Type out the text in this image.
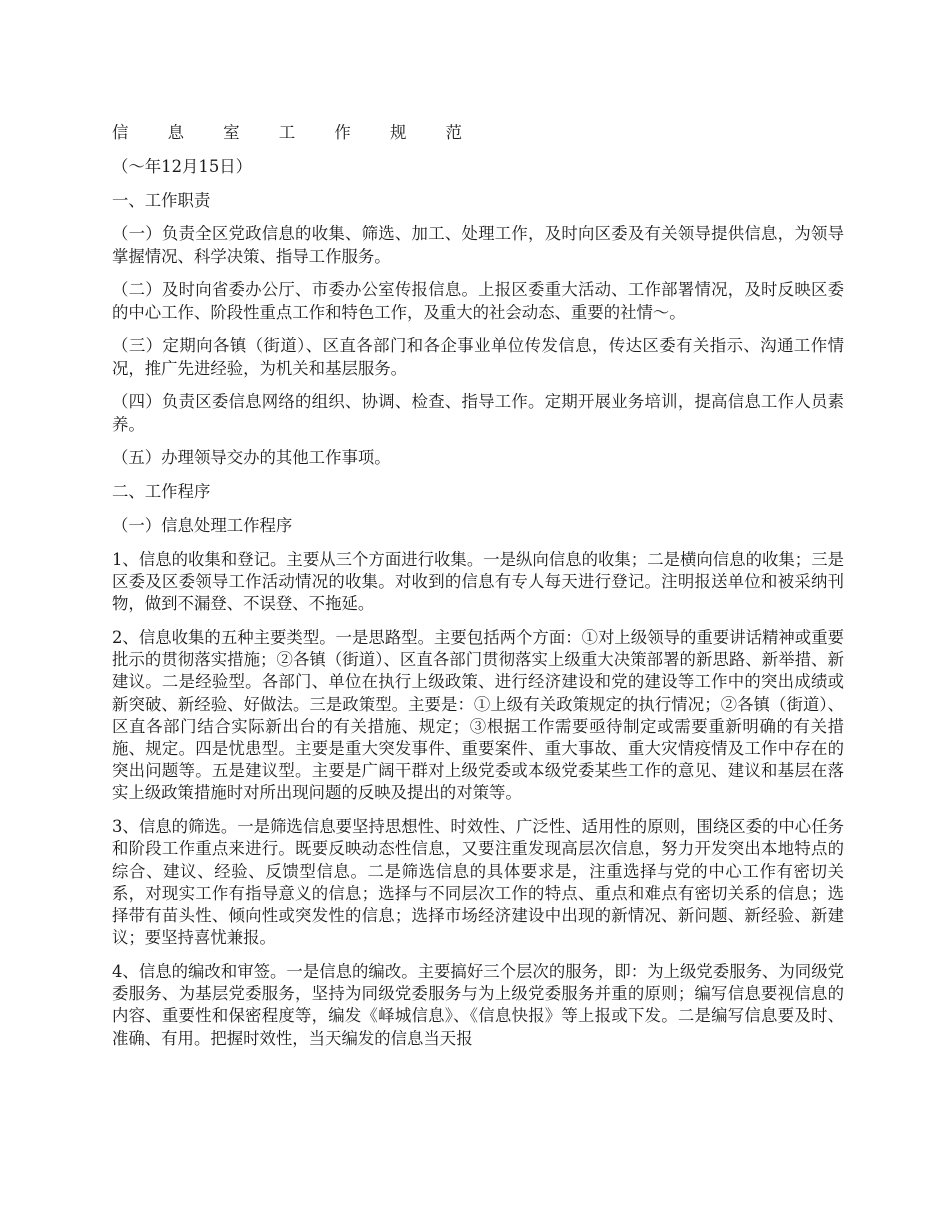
信 息 室 工 作 规 范

（～年12月15日）

一、工作职责

（一）负责全区党政信息的收集、筛选、加工、处理工作，及时向区委及有关领导提供信息，为领导掌握情况、科学决策、指导工作服务。

（二）及时向省委办公厅、市委办公室传报信息。上报区委重大活动、工作部署情况，及时反映区委的中心工作、阶段性重点工作和特色工作，及重大的社会动态、重要的社情～。

（三）定期向各镇（街道）、区直各部门和各企事业单位传发信息，传达区委有关指示、沟通工作情况，推广先进经验，为机关和基层服务。

（四）负责区委信息网络的组织、协调、检查、指导工作。定期开展业务培训，提高信息工作人员素养。

（五）办理领导交办的其他工作事项。

二、工作程序

（一）信息处理工作程序

1、信息的收集和登记。主要从三个方面进行收集。一是纵向信息的收集；二是横向信息的收集；三是区委及区委领导工作活动情况的收集。对收到的信息有专人每天进行登记。注明报送单位和被采纳刊物，做到不漏登、不误登、不拖延。

2、信息收集的五种主要类型。一是思路型。主要包括两个方面：①对上级领导的重要讲话精神或重要批示的贯彻落实措施；②各镇（街道）、区直各部门贯彻落实上级重大决策部署的新思路、新举措、新建议。二是经验型。各部门、单位在执行上级政策、进行经济建设和党的建设等工作中的突出成绩或新突破、新经验、好做法。三是政策型。主要是：①上级有关政策规定的执行情况；②各镇（街道）、区直各部门结合实际新出台的有关措施、规定；③根据工作需要亟待制定或需要重新明确的有关措施、规定。四是忧患型。主要是重大突发事件、重要案件、重大事故、重大灾情疫情及工作中存在的突出问题等。五是建议型。主要是广阔干群对上级党委或本级党委某些工作的意见、建议和基层在落实上级政策措施时对所出现问题的反映及提出的对策等。

3、信息的筛选。一是筛选信息要坚持思想性、时效性、广泛性、适用性的原则，围绕区委的中心任务和阶段工作重点来进行。既要反映动态性信息，又要注重发现高层次信息，努力开发突出本地特点的综合、建议、经验、反馈型信息。二是筛选信息的具体要求是，注重选择与党的中心工作有密切关系，对现实工作有指导意义的信息；选择与不同层次工作的特点、重点和难点有密切关系的信息；选择带有苗头性、倾向性或突发性的信息；选择市场经济建设中出现的新情况、新问题、新经验、新建议；要坚持喜忧兼报。

4、信息的编改和审签。一是信息的编改。主要搞好三个层次的服务，即：为上级党委服务、为同级党委服务、为基层党委服务，坚持为同级党委服务与为上级党委服务并重的原则；编写信息要视信息的内容、重要性和保密程度等，编发《峄城信息》、《信息快报》等上报或下发。二是编写信息要及时、准确、有用。把握时效性，当天编发的信息当天报
